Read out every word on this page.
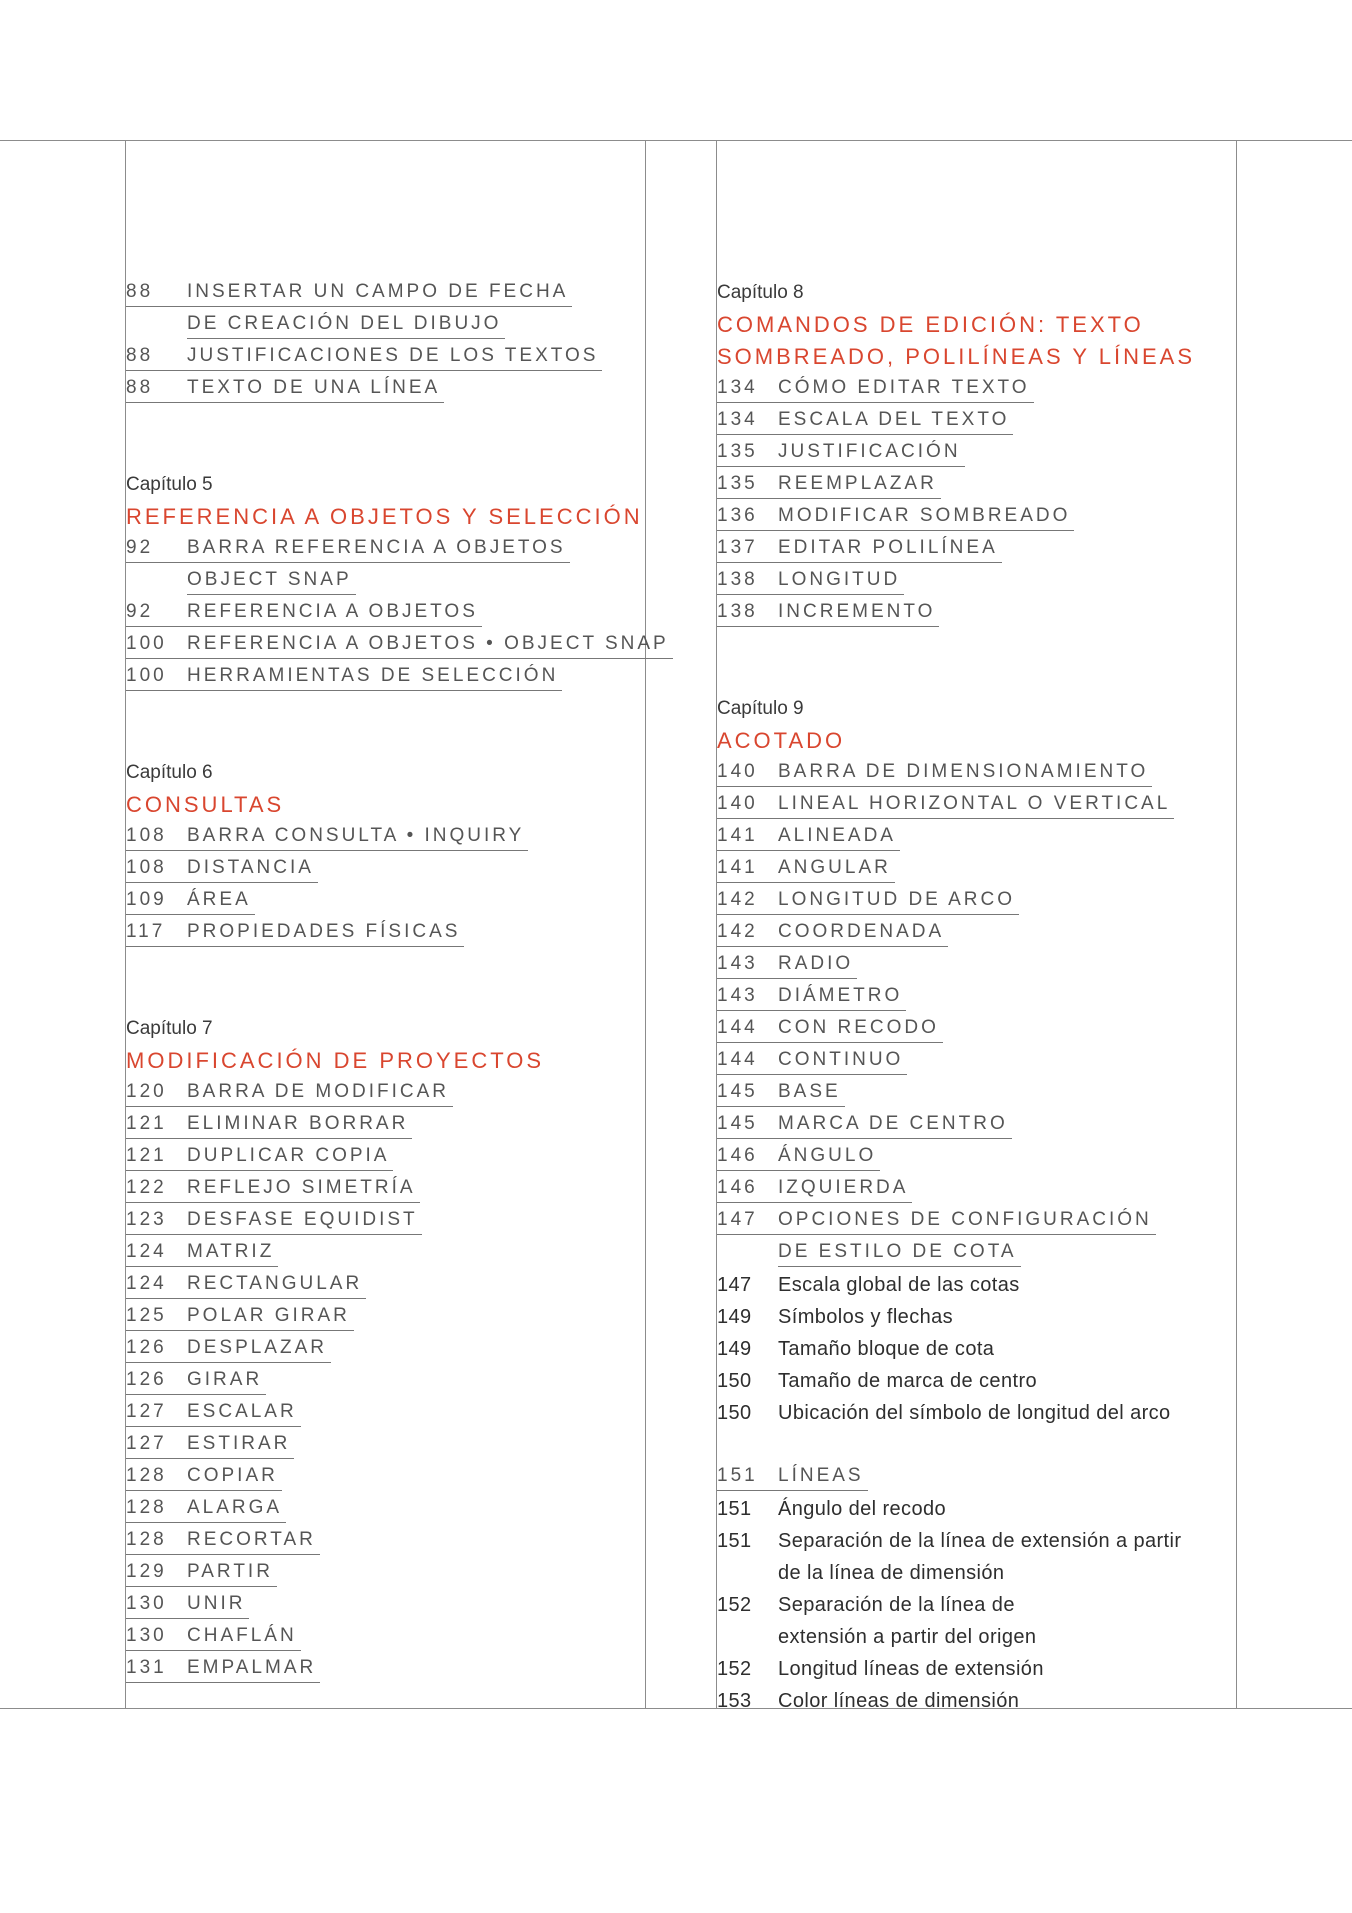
88	INSERTAR UN CAMPO DE FECHA
DE CREACIÓN DEL DIBUJO
88	JUSTIFICACIONES DE LOS TEXTOS
88	TEXTO DE UNA LÍNEA
Capítulo 5
REFERENCIA A OBJETOS Y SELECCIÓN
92	BARRA REFERENCIA A OBJETOS
OBJECT SNAP
92	REFERENCIA A OBJETOS
100	REFERENCIA A OBJETOS • OBJECT SNAP
100	HERRAMIENTAS DE SELECCIÓN
Capítulo 6
CONSULTAS
108	BARRA CONSULTA • INQUIRY
108	DISTANCIA
109	ÁREA
117	PROPIEDADES FÍSICAS
Capítulo 7
MODIFICACIÓN DE PROYECTOS
120	BARRA DE MODIFICAR
121	ELIMINAR BORRAR
121	DUPLICAR COPIA
122	REFLEJO SIMETRÍA
123	DESFASE EQUIDIST
124	MATRIZ
124	RECTANGULAR
125	POLAR GIRAR
126	DESPLAZAR
126	GIRAR
127	ESCALAR
127	ESTIRAR
128	COPIAR
128	ALARGA
128	RECORTAR
129	PARTIR
130	UNIR
130	CHAFLÁN
131	EMPALMAR
Capítulo 8
COMANDOS DE EDICIÓN: TEXTO
SOMBREADO, POLILÍNEAS Y LÍNEAS
134	CÓMO EDITAR TEXTO
134	ESCALA DEL TEXTO
135	JUSTIFICACIÓN
135	REEMPLAZAR
136	MODIFICAR SOMBREADO
137	EDITAR POLILÍNEA
138	LONGITUD
138	INCREMENTO
Capítulo 9
ACOTADO
140	BARRA DE DIMENSIONAMIENTO
140	LINEAL HORIZONTAL O VERTICAL
141	ALINEADA
141	ANGULAR
142	LONGITUD DE ARCO
142	COORDENADA
143	RADIO
143	DIÁMETRO
144	CON RECODO
144	CONTINUO
145	BASE
145	MARCA DE CENTRO
146	ÁNGULO
146	IZQUIERDA
147	OPCIONES DE CONFIGURACIÓN
DE ESTILO DE COTA
147 Escala global de las cotas
149 Símbolos y flechas
149 Tamaño bloque de cota
150 Tamaño de marca de centro
150 Ubicación del símbolo de longitud del arco
151	LÍNEAS
151 Ángulo del recodo
151 Separación de la línea de extensión a partir
de la línea de dimensión
152 Separación de la línea de
extensión a partir del origen
152 Longitud líneas de extensión
153 Color líneas de dimensión
